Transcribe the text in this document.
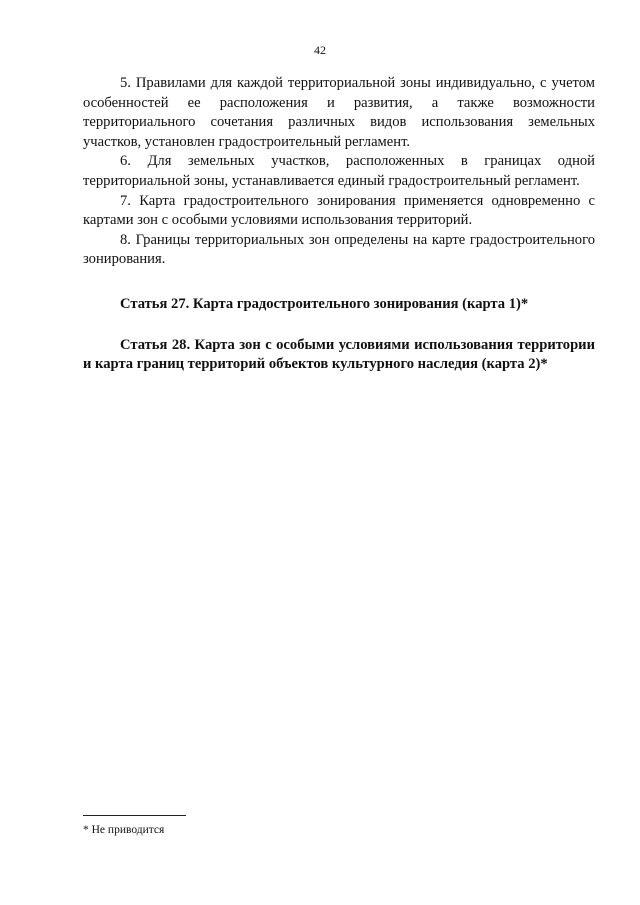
42

5. Правилами для каждой территориальной зоны индивидуально, с учетом особенностей ее расположения и развития, а также возможности территориального сочетания различных видов использования земельных участков, установлен градостроительный регламент.

6. Для земельных участков, расположенных в границах одной территориальной зоны, устанавливается единый градостроительный регламент.

7. Карта градостроительного зонирования применяется одновременно с картами зон с особыми условиями использования территорий.

8. Границы территориальных зон определены на карте градостроительного зонирования.

Статья 27. Карта градостроительного зонирования (карта 1)*

Статья 28. Карта зон с особыми условиями использования территории и карта границ территорий объектов культурного наследия (карта 2)*

* Не приводится
